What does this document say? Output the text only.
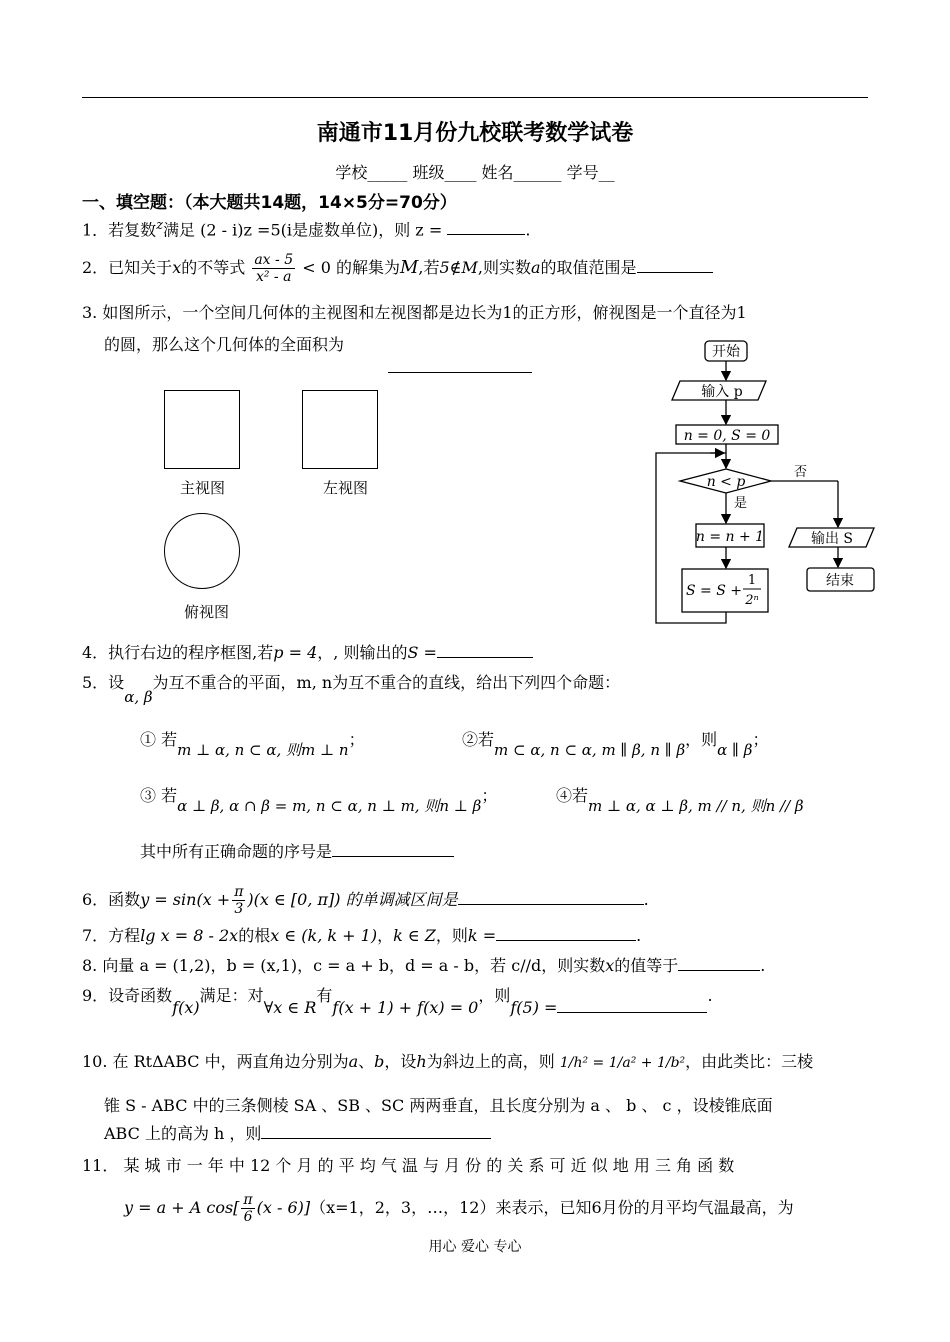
南通市11月份九校联考数学试卷
学校_____ 班级____ 姓名______ 学号__
一、填空题：（本大题共14题，14×5分=70分）
1．若复数$^z$满足 (2 - i)z =5(i是虚数单位)，则 z =	.
2．已知关于x的不等式 $\frac{ax - 5}{\text{x² - a}} < 0$ 的解集为M,若5∉M,则实数a的取值范围是
3. 如图所示，一个空间几何体的主视图和左视图都是边长为1的正方形，俯视图是一个直径为1
的圆，那么这个几何体的全面积为
主视图	左视图
俯视图
开始
输入 p
n = 0, S = 0
n < p
否
是
n = n + 1
S = S +
1
2ⁿ
输出 S
结束
4．执行右边的程序框图,若p = 4，, 则输出的S =
5．设α, β为互不重合的平面，m, n为互不重合的直线，给出下列四个命题：
① 若m ⊥ α, n ⊂ α, 则m ⊥ n；	②若m ⊂ α, n ⊂ α, m ∥ β, n ∥ β，则α ∥ β；
③ 若α ⊥ β, α ∩ β = m, n ⊂ α, n ⊥ m, 则n ⊥ β；	④若m ⊥ α, α ⊥ β, m // n, 则n // β
其中所有正确命题的序号是
6．函数$y = \sin(x + \frac{\pi}{3} )(x$ ∈ [0, π]) 的单调减区间是	.
7．方程lg x = 8 - 2x的根x ∈ (k, k + 1)，k ∈ Z，则k =	.
8. 向量 a = (1,2)，b = (x,1)，c = a + b，d = a - b，若 c//d，则实数x的值等于	.
9．设奇函数f(x)满足：对∀x ∈ R有f(x + 1) + f(x) = 0，则f(5) =.
10. 在 RtΔABC 中，两直角边分别为a、b，设h为斜边上的高，则 1/h² = 1/a² + 1/b²，由此类比：三棱
锥 S - ABC 中的三条侧棱 SA 、SB 、SC 两两垂直，且长度分别为 a 、 b 、 c ，设棱锥底面
ABC 上的高为 h ，则
11． 某 城 市 一 年 中 12 个 月 的 平 均 气 温 与 月 份 的 关 系 可 近 似 地 用 三 角 函 数
y = a + A $\cos[ \frac{\pi}{6} (x - 6)](x=1$，2，3，…，12）来表示，已知6月份的月平均气温最高，为
用心 爱心 专心
